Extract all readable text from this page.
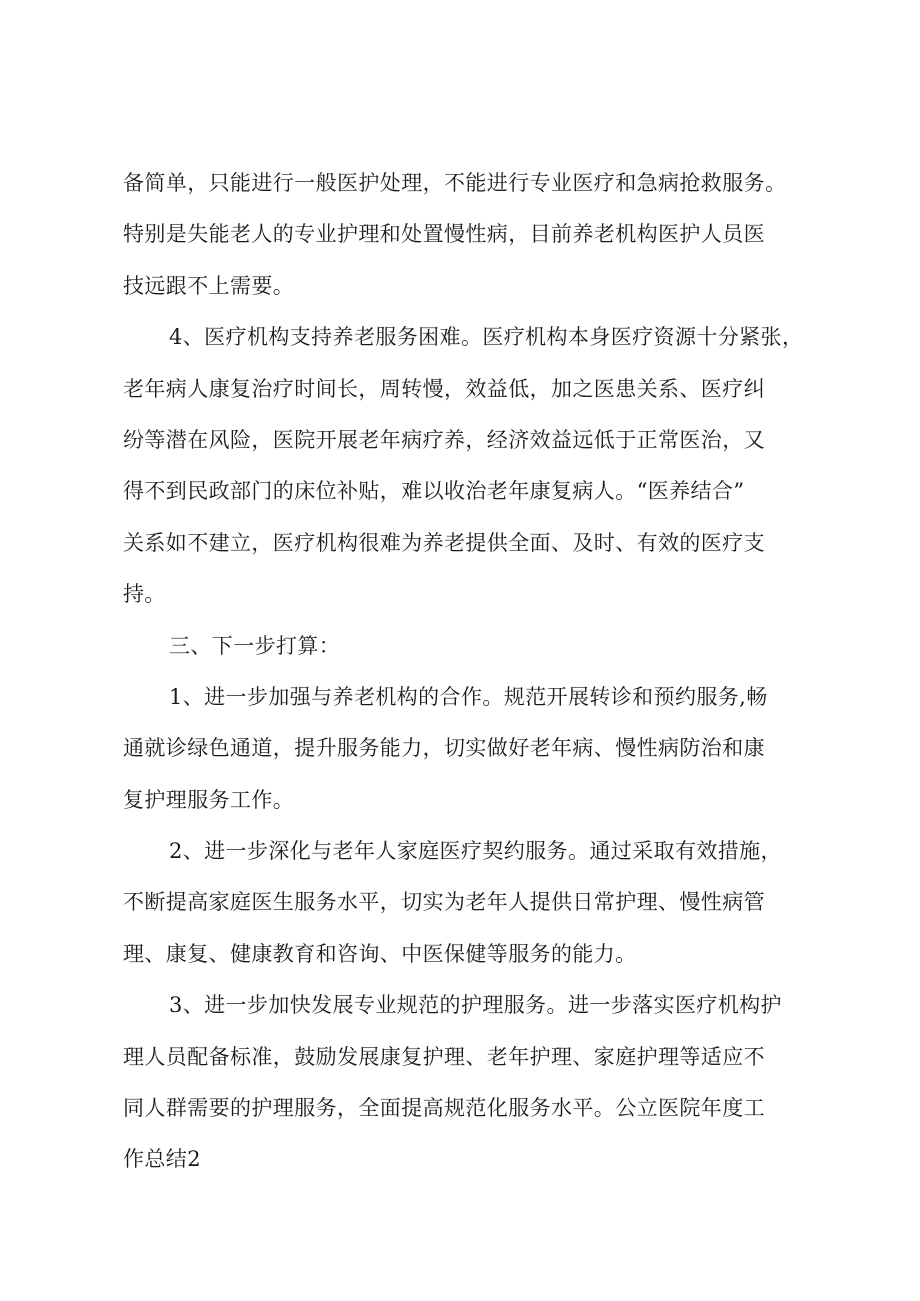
备简单，只能进行一般医护处理，不能进行专业医疗和急病抢救服务。
特别是失能老人的专业护理和处置慢性病，目前养老机构医护人员医
技远跟不上需要。
4、医疗机构支持养老服务困难。医疗机构本身医疗资源十分紧张，
老年病人康复治疗时间长，周转慢，效益低，加之医患关系、医疗纠
纷等潜在风险，医院开展老年病疗养，经济效益远低于正常医治，又
得不到民政部门的床位补贴，难以收治老年康复病人。“医养结合”
关系如不建立，医疗机构很难为养老提供全面、及时、有效的医疗支
持。
三、下一步打算：
1、进一步加强与养老机构的合作。规范开展转诊和预约服务,畅
通就诊绿色通道，提升服务能力，切实做好老年病、慢性病防治和康
复护理服务工作。
2、进一步深化与老年人家庭医疗契约服务。通过采取有效措施，
不断提高家庭医生服务水平，切实为老年人提供日常护理、慢性病管
理、康复、健康教育和咨询、中医保健等服务的能力。
3、进一步加快发展专业规范的护理服务。进一步落实医疗机构护
理人员配备标准，鼓励发展康复护理、老年护理、家庭护理等适应不
同人群需要的护理服务，全面提高规范化服务水平。公立医院年度工
作总结2
